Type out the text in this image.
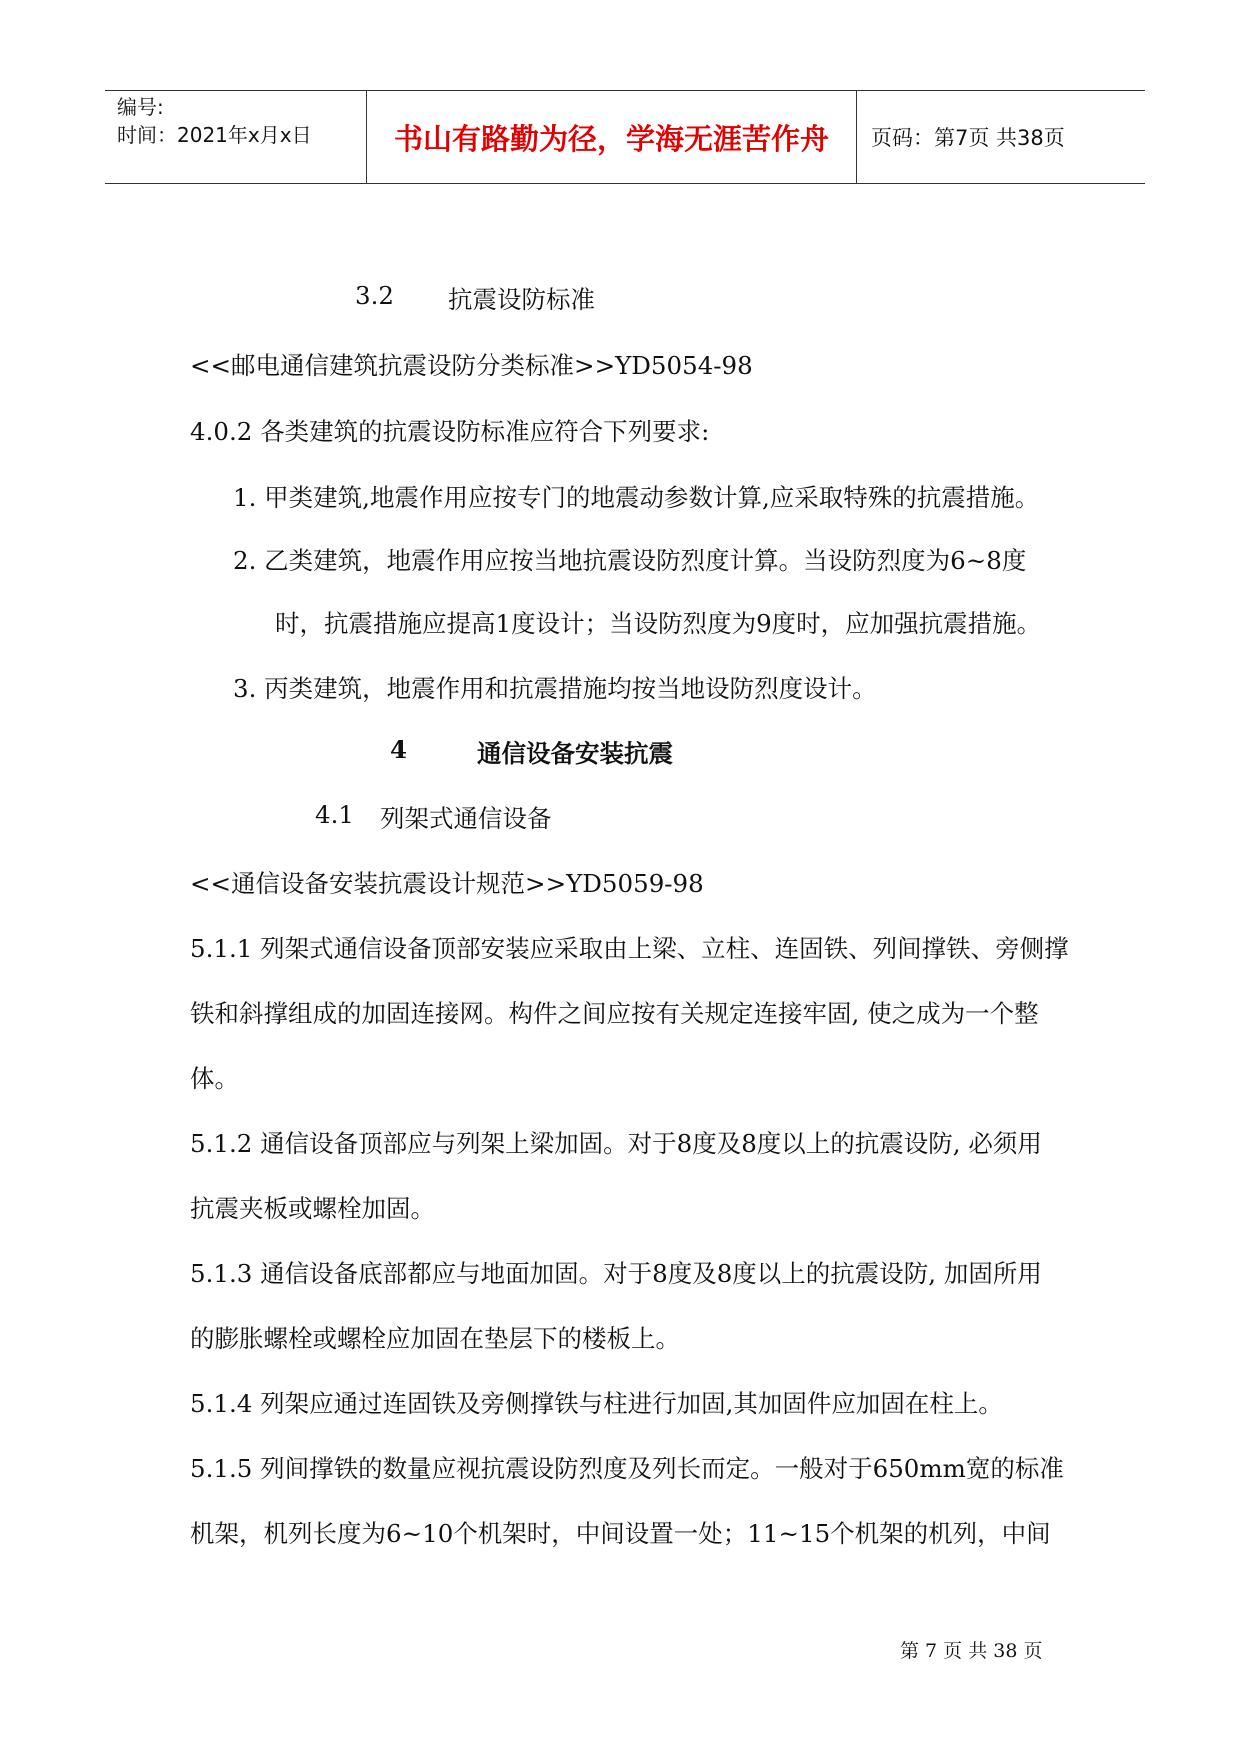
编号:
时间：2021年x月x日	书山有路勤为径，学海无涯苦作舟	页码：第7页 共38页
3.2 抗震设防标准
<<邮电通信建筑抗震设防分类标准>>YD5054-98
4.0.2 各类建筑的抗震设防标准应符合下列要求:
1. 甲类建筑,地震作用应按专门的地震动参数计算,应采取特殊的抗震措施。
2. 乙类建筑，地震作用应按当地抗震设防烈度计算。当设防烈度为6~8度
时，抗震措施应提高1度设计；当设防烈度为9度时，应加强抗震措施。
3. 丙类建筑，地震作用和抗震措施均按当地设防烈度设计。
4	通信设备安装抗震
4.1 列架式通信设备
<<通信设备安装抗震设计规范>>YD5059-98
5.1.1 列架式通信设备顶部安装应采取由上梁、立柱、连固铁、列间撑铁、旁侧撑
铁和斜撑组成的加固连接网。构件之间应按有关规定连接牢固, 使之成为一个整
体。
5.1.2 通信设备顶部应与列架上梁加固。对于8度及8度以上的抗震设防, 必须用
抗震夹板或螺栓加固。
5.1.3 通信设备底部都应与地面加固。对于8度及8度以上的抗震设防, 加固所用
的膨胀螺栓或螺栓应加固在垫层下的楼板上。
5.1.4 列架应通过连固铁及旁侧撑铁与柱进行加固,其加固件应加固在柱上。
5.1.5 列间撑铁的数量应视抗震设防烈度及列长而定。一般对于650mm宽的标准
机架，机列长度为6~10个机架时，中间设置一处；11~15个机架的机列，中间
第 7 页 共 38 页
